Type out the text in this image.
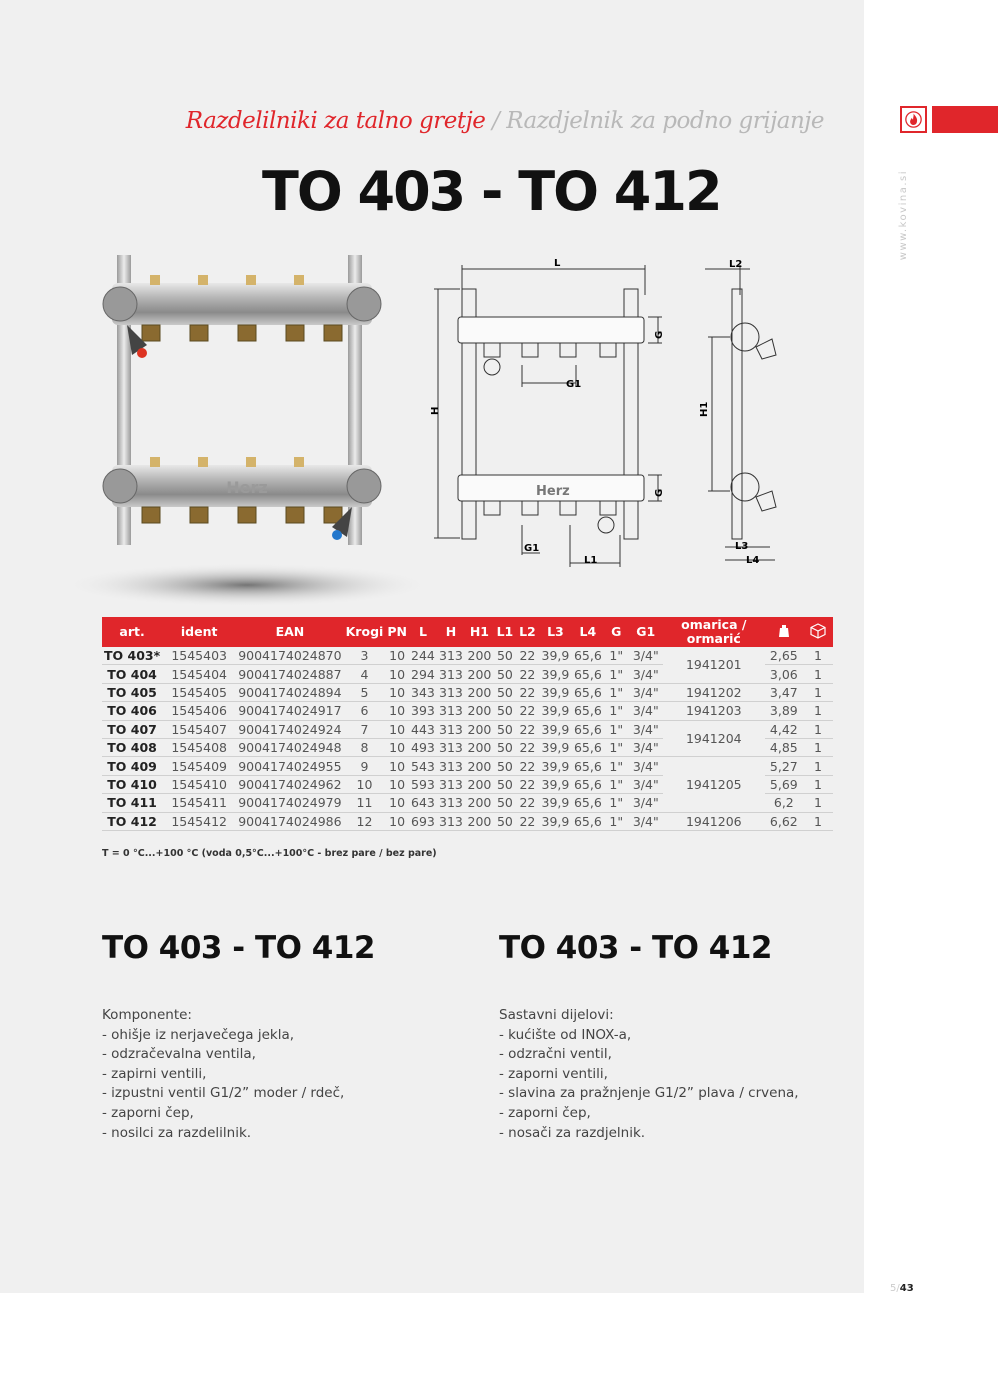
Razdelilniki za talno gretje / Razdjelnik za podno grijanje
TO 403 - TO 412	www.kovina.si
Herz
L	L2
G
G
G1
G1
H	H1
L1
L3
L4
Herz
art.	ident	EAN	Krogi	PN	L	H	H1	L1	L2	L3	L4	G	G1	omarica / ormarić		
TO 403*	1545403	9004174024870	3	10	244	313	200	50	22	39,9	65,6	1"	3/4"	1941201	2,65	1
TO 404	1545404	9004174024887	4	10	294	313	200	50	22	39,9	65,6	1"	3/4"		3,06	1
TO 405	1545405	9004174024894	5	10	343	313	200	50	22	39,9	65,6	1"	3/4"	1941202	3,47	1
TO 406	1545406	9004174024917	6	10	393	313	200	50	22	39,9	65,6	1"	3/4"	1941203	3,89	1
TO 407	1545407	9004174024924	7	10	443	313	200	50	22	39,9	65,6	1"	3/4"	1941204	4,42	1
TO 408	1545408	9004174024948	8	10	493	313	200	50	22	39,9	65,6	1"	3/4"		4,85	1
TO 409	1545409	9004174024955	9	10	543	313	200	50	22	39,9	65,6	1"	3/4"	1941205	5,27	1
TO 410	1545410	9004174024962	10	10	593	313	200	50	22	39,9	65,6	1"	3/4"		5,69	1
TO 411	1545411	9004174024979	11	10	643	313	200	50	22	39,9	65,6	1"	3/4"		6,2	1
TO 412	1545412	9004174024986	12	10	693	313	200	50	22	39,9	65,6	1"	3/4"	1941206	6,62	1
T = 0 °C...+100 °C (voda 0,5°C...+100°C - brez pare / bez pare)
TO 403 - TO 412
Komponente:
- ohišje iz nerjavečega jekla,
- odzračevalna ventila,
- zapirni ventili,
- izpustni ventil G1/2” moder / rdeč,
- zaporni čep,
- nosilci za razdelilnik.
TO 403 - TO 412
Sastavni dijelovi:
- kućište od INOX-a,
- odzračni ventil,
- zaporni ventili,
- slavina za pražnjenje G1/2” plava / crvena,
- zaporni čep,
- nosači za razdjelnik.
5/43
